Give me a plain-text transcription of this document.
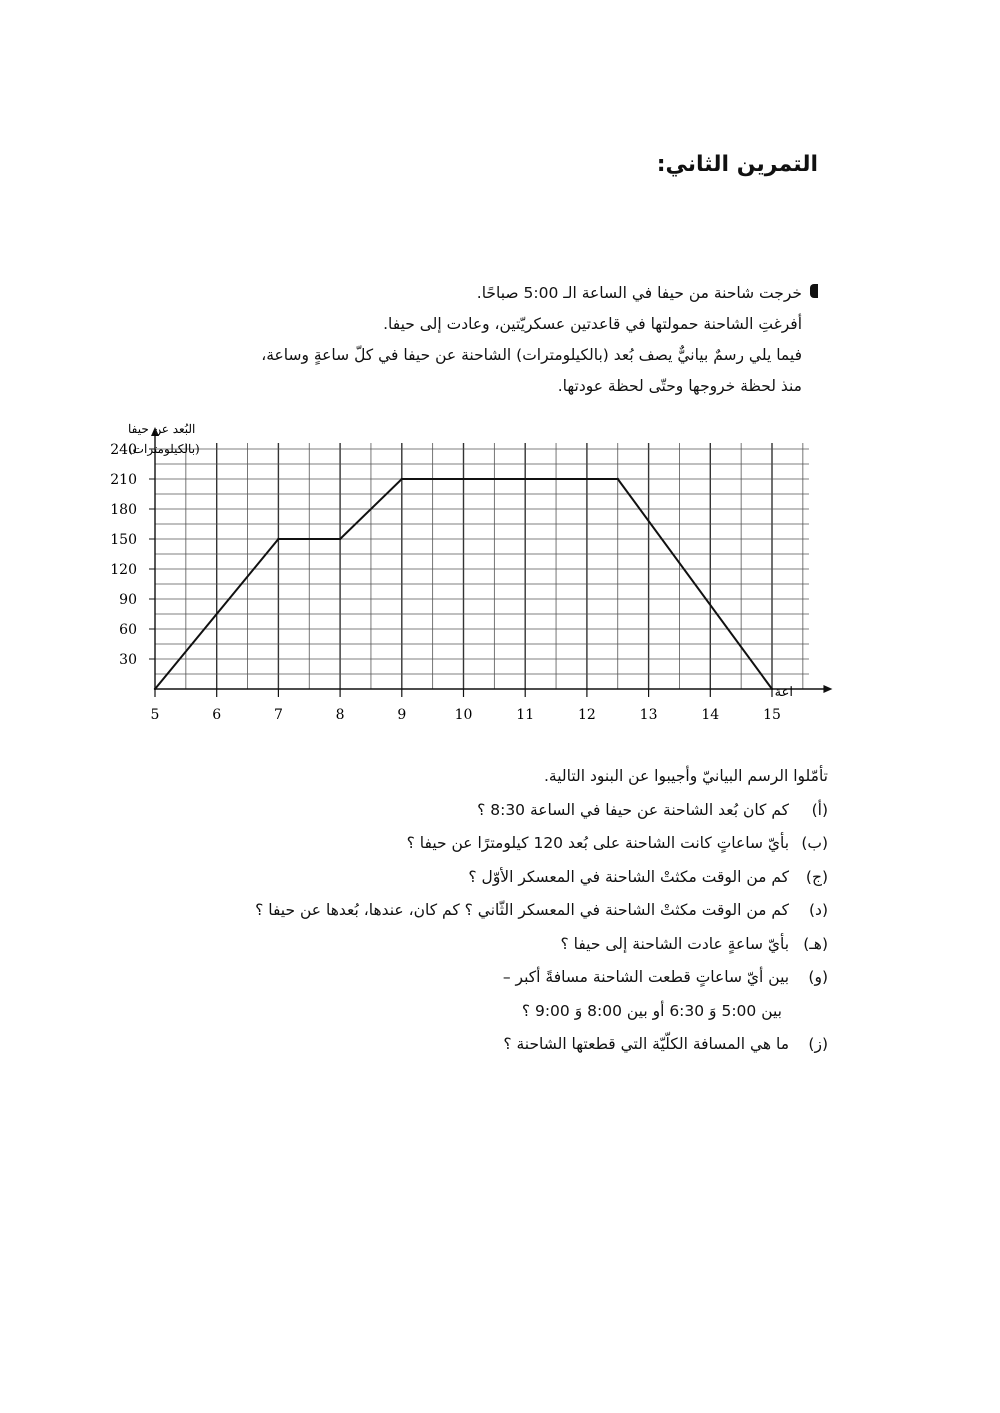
التمرين الثاني:
خرجت شاحنة من حيفا في الساعة الـ 5:00 صباحًا.
أفرغتِ الشاحنة حمولتها في قاعدتين عسكريّتين، وعادت إلى حيفا.
فيما يلي رسمٌ بيانيٌّ يصف بُعد (بالكيلومترات) الشاحنة عن حيفا في كلّ ساعةٍ وساعة،
منذ لحظة خروجها وحتّى لحظة عودتها.
30
60
90
120
150
180
210
240
5	6	7	8	9	10	11	12	13	14	15
البُعد عن حيفا
(بالكيلومترات)
اعة
تأمّلوا الرسم البيانيّ وأجيبوا عن البنود التالية.
(أ) كم كان بُعد الشاحنة عن حيفا في الساعة 8:30 ؟
(ب) بأيّ ساعاتٍ كانت الشاحنة على بُعد 120 كيلومترًا عن حيفا ؟
(ج) كم من الوقت مكثتْ الشاحنة في المعسكر الأوّل ؟
(د) كم من الوقت مكثتْ الشاحنة في المعسكر الثّاني ؟ كم كان، عندها، بُعدها عن حيفا ؟
(هـ) بأيّ ساعةٍ عادت الشاحنة إلى حيفا ؟
(و) بين أيّ ساعاتٍ قطعت الشاحنة مسافةً أكبر –
بين 5:00 وَ 6:30 أو بين 8:00 وَ 9:00 ؟
(ز) ما هي المسافة الكلّيّة التي قطعتها الشاحنة ؟
